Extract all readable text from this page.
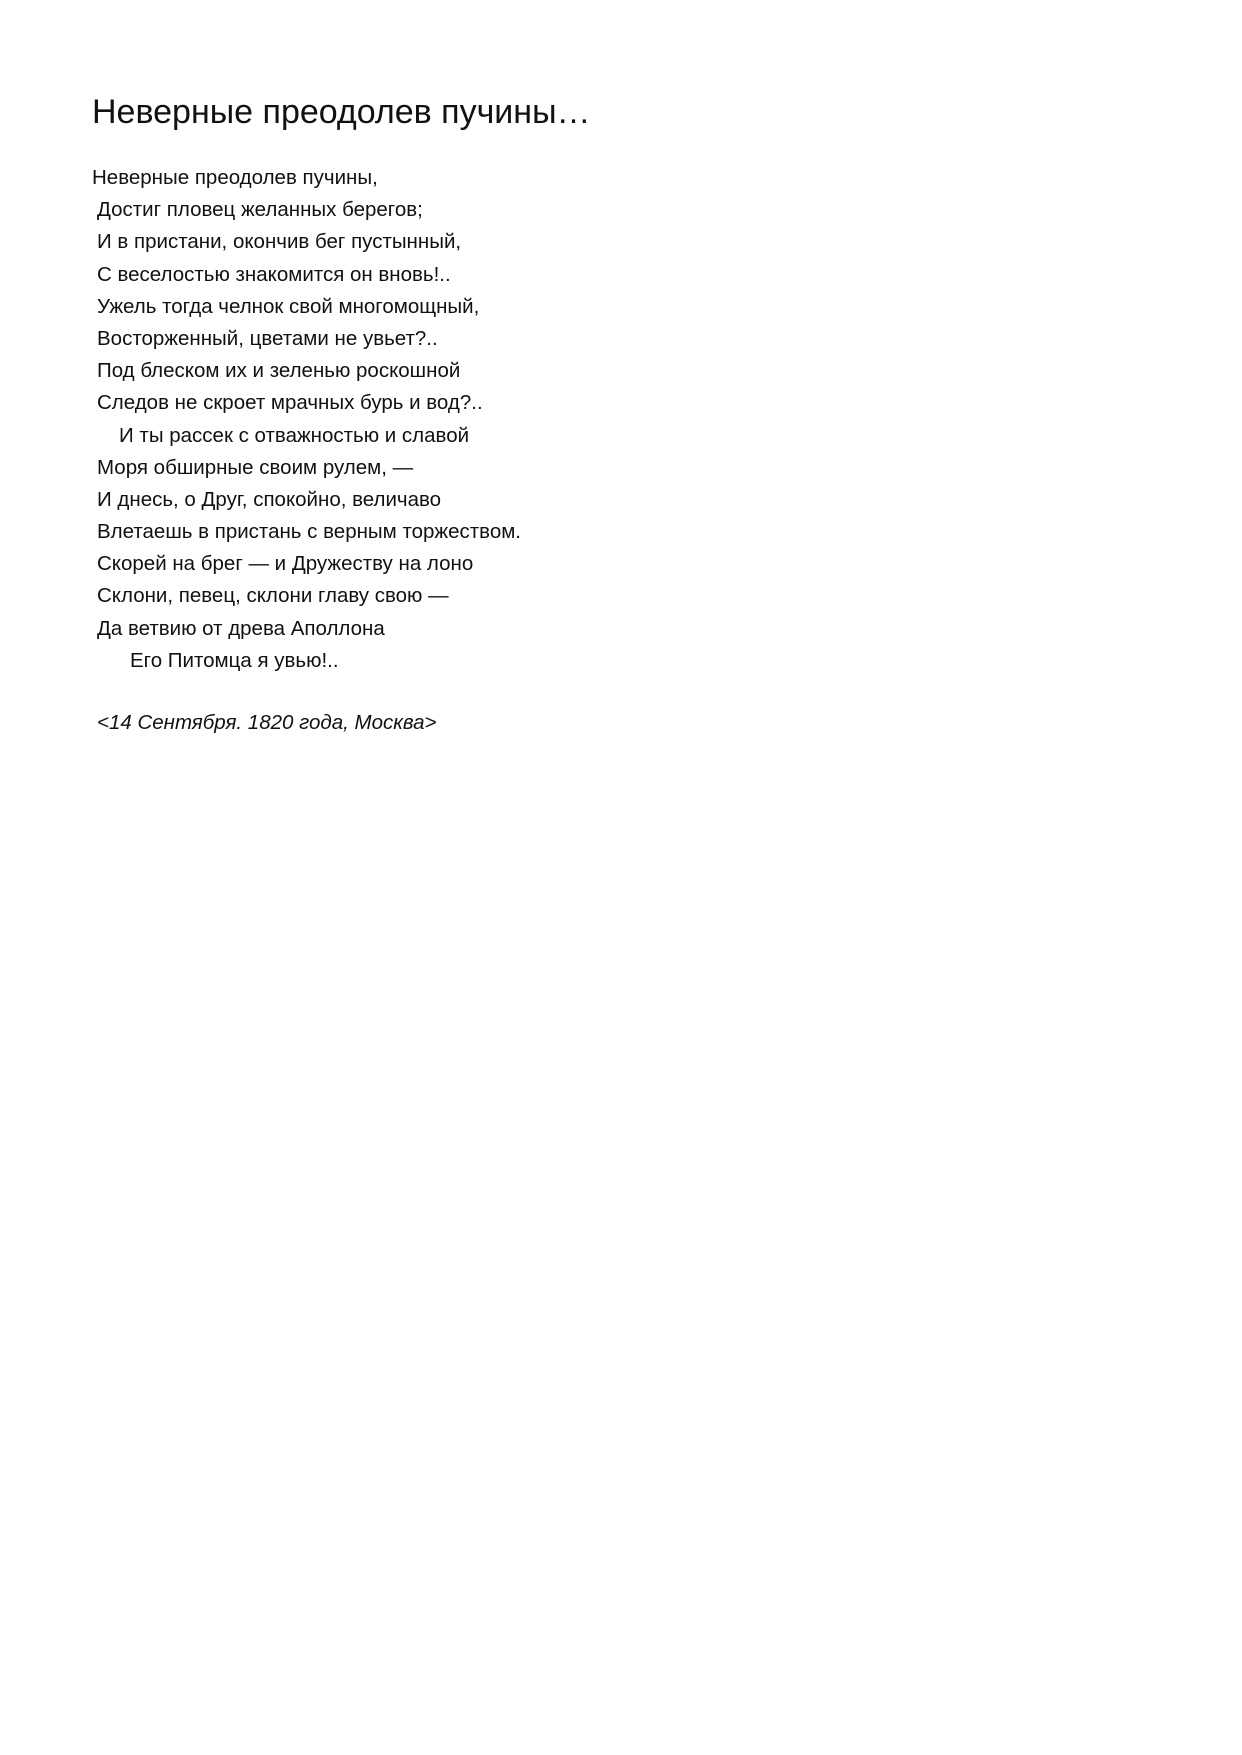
Неверные преодолев пучины…
Неверные преодолев пучины,
Достиг пловец желанных берегов;
И в пристани, окончив бег пустынный,
С веселостью знакомится он вновь!..
Ужель тогда челнок свой многомощный,
Восторженный, цветами не увьет?..
Под блеском их и зеленью роскошной
Следов не скроет мрачных бурь и вод?..
И ты рассек с отважностью и славой
Моря обширные своим рулем, —
И днесь, о Друг, спокойно, величаво
Влетаешь в пристань с верным торжеством.
Скорей на брег — и Дружеству на лоно
Склони, певец, склони главу свою —
Да ветвию от древа Аполлона
Его Питомца я увью!..

<14 Сентября. 1820 года, Москва>
